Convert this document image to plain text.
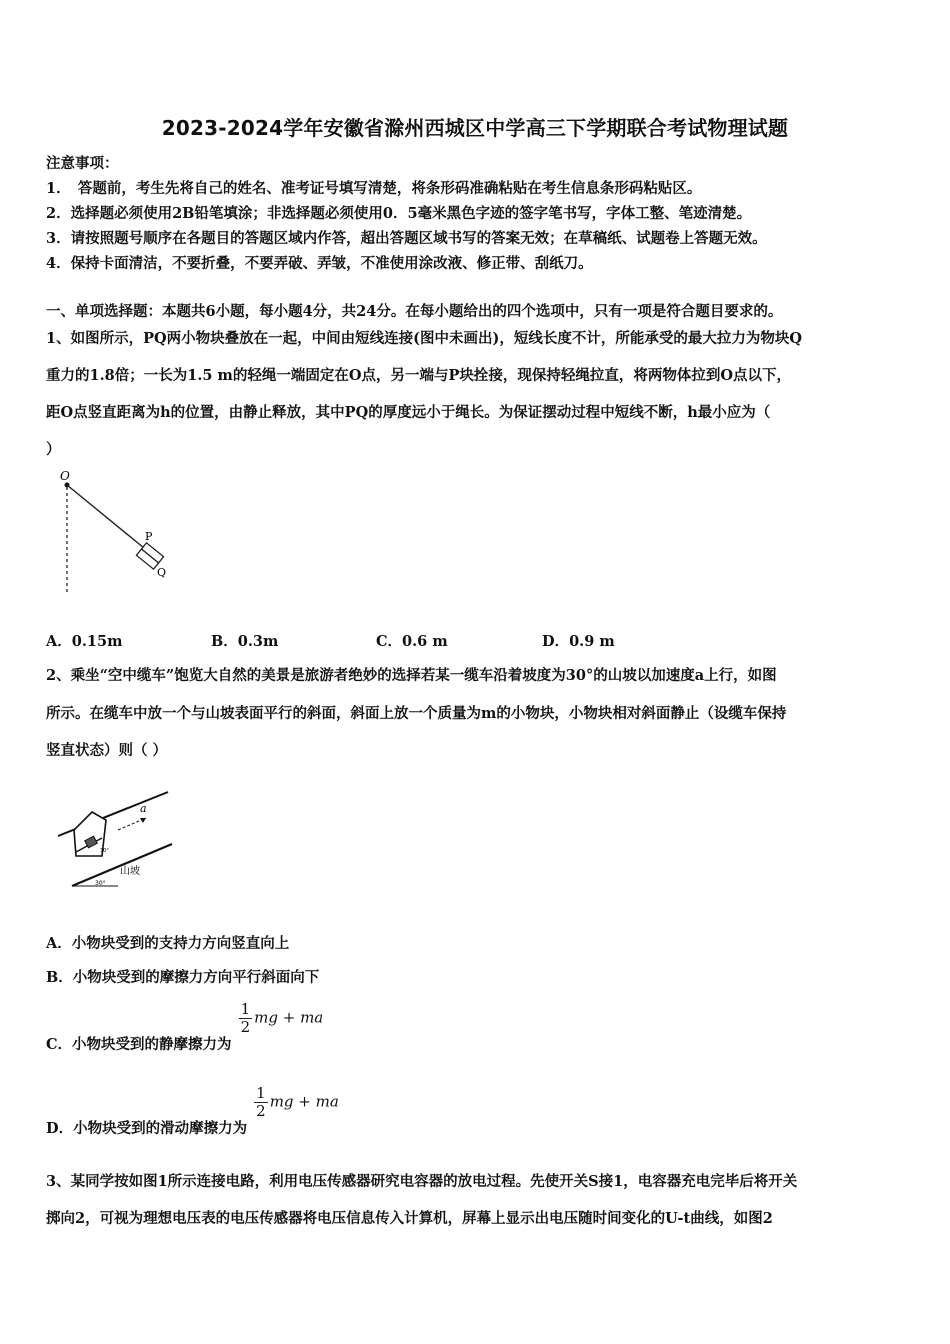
2023-2024学年安徽省滁州西城区中学高三下学期联合考试物理试题
注意事项：
1．　答题前，考生先将自己的姓名、准考证号填写清楚，将条形码准确粘贴在考生信息条形码粘贴区。
2．选择题必须使用2B铅笔填涂；非选择题必须使用0．5毫米黑色字迹的签字笔书写，字体工整、笔迹清楚。
3．请按照题号顺序在各题目的答题区域内作答，超出答题区域书写的答案无效；在草稿纸、试题卷上答题无效。
4．保持卡面清洁，不要折叠，不要弄破、弄皱，不准使用涂改液、修正带、刮纸刀。
一、单项选择题：本题共6小题，每小题4分，共24分。在每小题给出的四个选项中，只有一项是符合题目要求的。
1、如图所示，PQ两小物块叠放在一起，中间由短线连接(图中未画出)，短线长度不计，所能承受的最大拉力为物块Q
重力的1.8倍；一长为1.5 m的轻绳一端固定在O点，另一端与P块拴接，现保持轻绳拉直，将两物体拉到O点以下，
距O点竖直距离为h的位置，由静止释放，其中PQ的厚度远小于绳长。为保证摆动过程中短线不断，h最小应为（
）
O
P
Q
A．0.15m	B．0.3m	C．0.6 m	D．0.9 m
2、乘坐“空中缆车”饱览大自然的美景是旅游者绝妙的选择若某一缆车沿着坡度为30°的山坡以加速度a上行，如图
所示。在缆车中放一个与山坡表面平行的斜面，斜面上放一个质量为m的小物块，小物块相对斜面静止（设缆车保持
竖直状态）则（ ）
a
山坡
30°
30°
A．小物块受到的支持力方向竖直向上
B．小物块受到的摩擦力方向平行斜面向下
C．小物块受到的静摩擦力为
$\frac{1}{2}$ mg + ma
D．小物块受到的滑动摩擦力为
$\frac{1}{2}$ mg + ma
3、某同学按如图1所示连接电路，利用电压传感器研究电容器的放电过程。先使开关S接1，电容器充电完毕后将开关
掷向2，可视为理想电压表的电压传感器将电压信息传入计算机，屏幕上显示出电压随时间变化的U-t曲线，如图2
